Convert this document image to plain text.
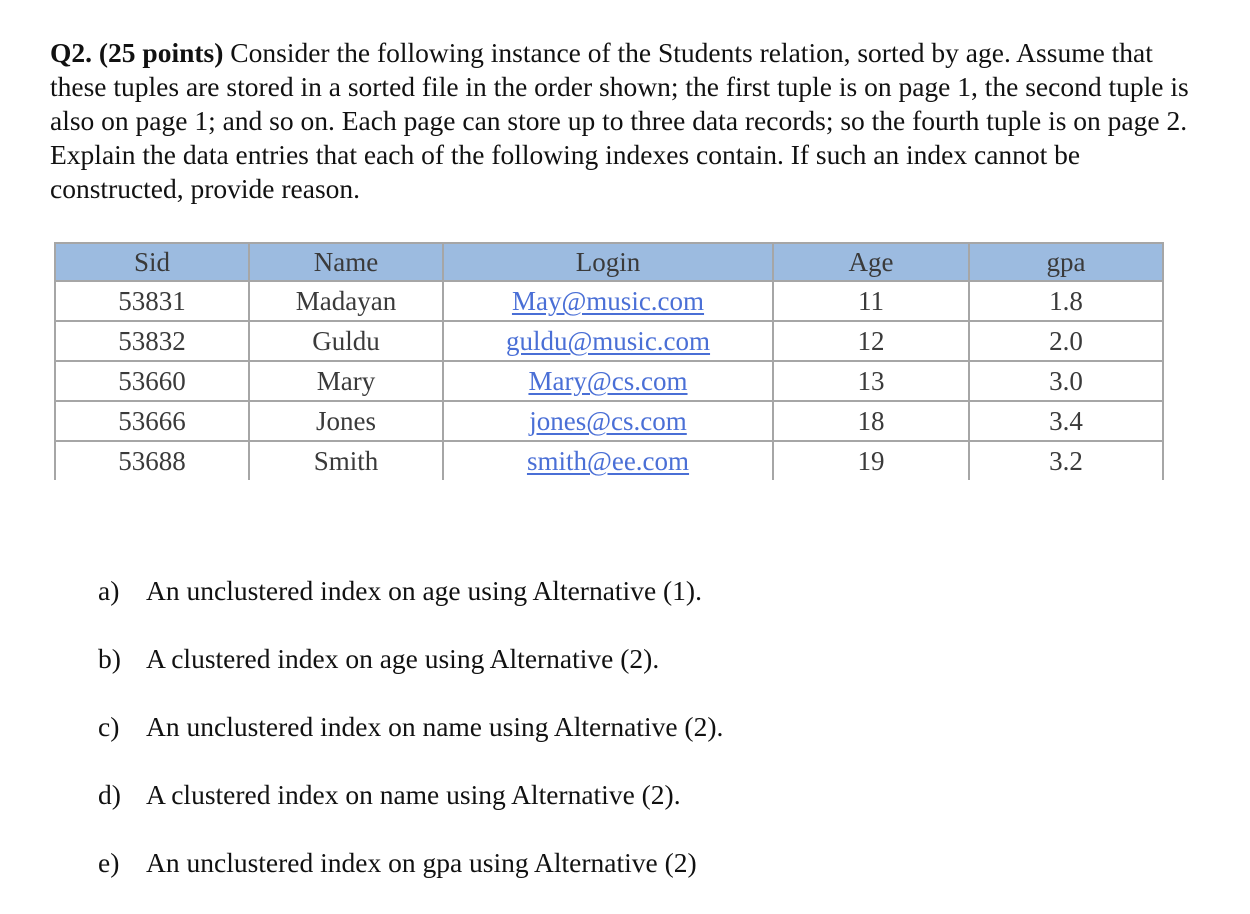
Q2. (25 points) Consider the following instance of the Students relation, sorted by age. Assume that these tuples are stored in a sorted file in the order shown; the first tuple is on page 1, the second tuple is also on page 1; and so on. Each page can store up to three data records; so the fourth tuple is on page 2. Explain the data entries that each of the following indexes contain. If such an index cannot be constructed, provide reason.
Sid	Name	Login	Age	gpa
53831	Madayan	May@music.com	11	1.8
53832	Guldu	guldu@music.com	12	2.0
53660	Mary	Mary@cs.com	13	3.0
53666	Jones	jones@cs.com	18	3.4
53688	Smith	smith@ee.com	19	3.2
a) An unclustered index on age using Alternative (1).
b) A clustered index on age using Alternative (2).
c) An unclustered index on name using Alternative (2).
d) A clustered index on name using Alternative (2).
e) An unclustered index on gpa using Alternative (2)
